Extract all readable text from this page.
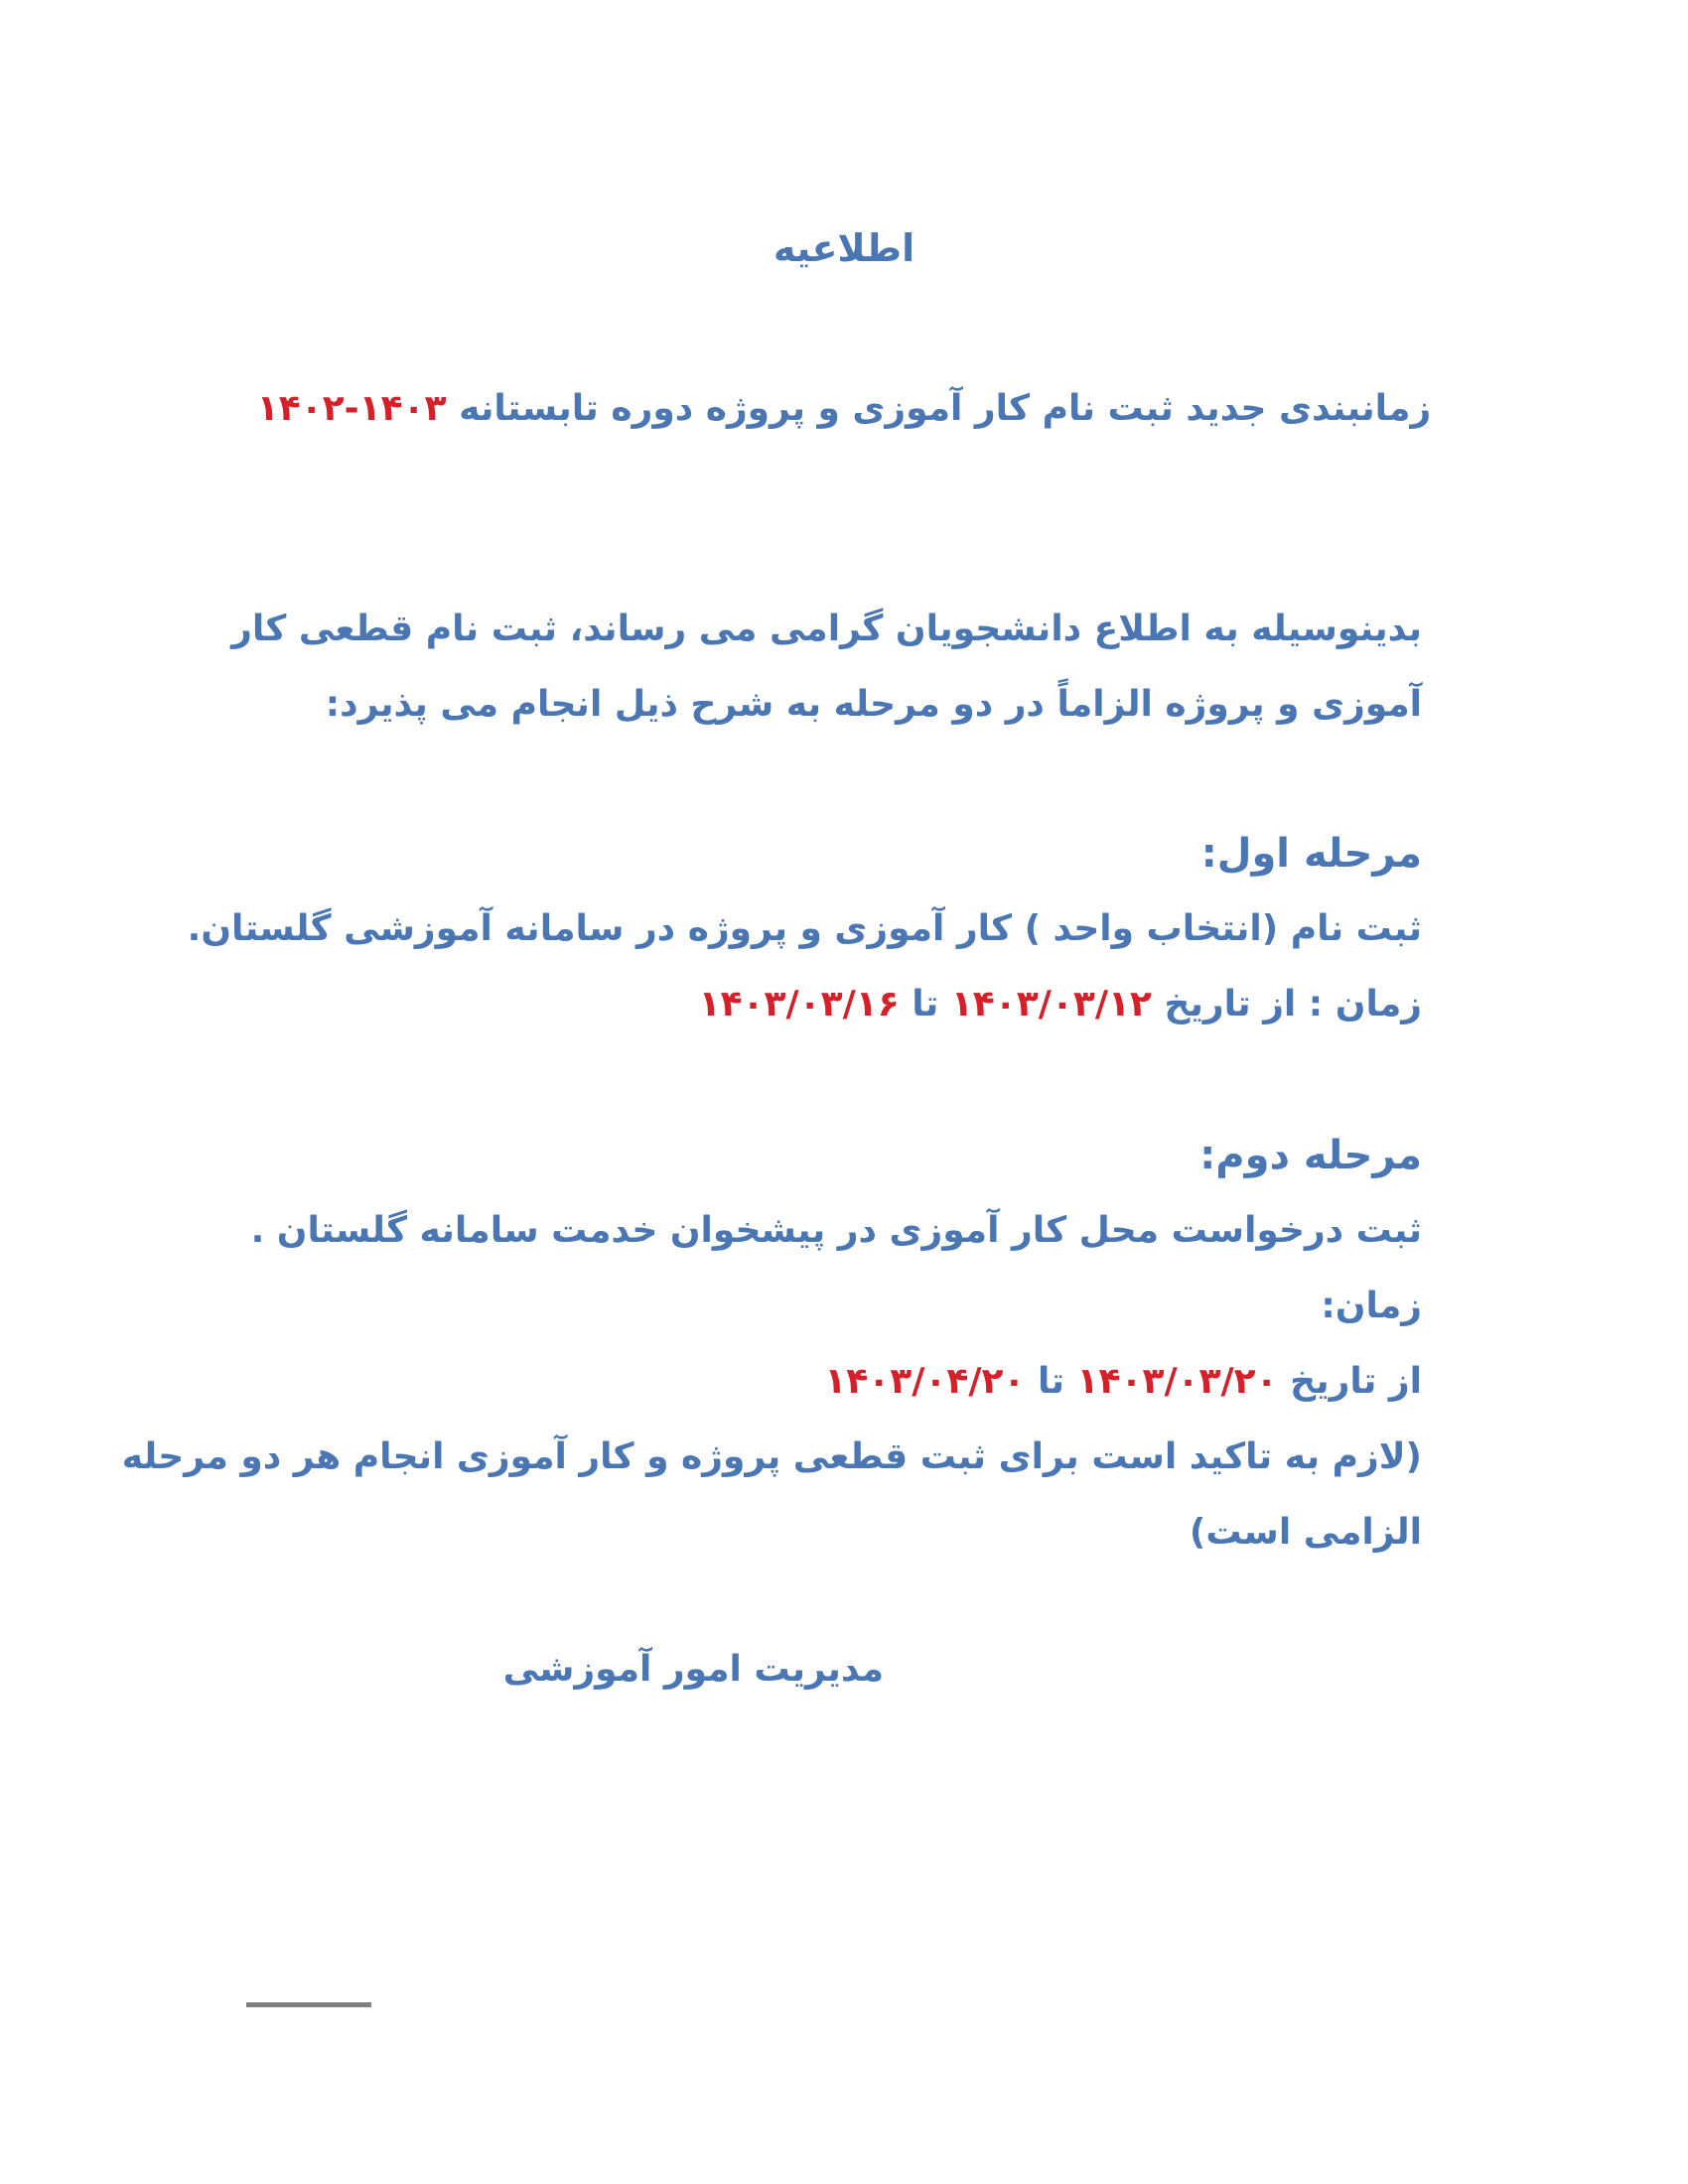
اطلاعیه
زمانبندی جدید ثبت نام کار آموزی و پروژه دوره تابستانه ۱۴۰۳-۱۴۰۲
بدینوسیله به اطلاع دانشجویان گرامی می رساند، ثبت نام قطعی کار
آموزی و پروژه الزاماً در دو مرحله به شرح ذیل انجام می پذیرد:
مرحله اول:
ثبت نام (انتخاب واحد ) کار آموزی و پروژه در سامانه آموزشی گلستان.
زمان : از تاریخ ۱۴۰۳/۰۳/۱۲ تا ۱۴۰۳/۰۳/۱۶
مرحله دوم:
ثبت درخواست محل کار آموزی در پیشخوان خدمت سامانه گلستان .
زمان:
از تاریخ ۱۴۰۳/۰۳/۲۰ تا ۱۴۰۳/۰۴/۲۰
(لازم به تاکید است برای ثبت قطعی پروژه و کار آموزی انجام هر دو مرحله
الزامی است)
مدیریت امور آموزشی
